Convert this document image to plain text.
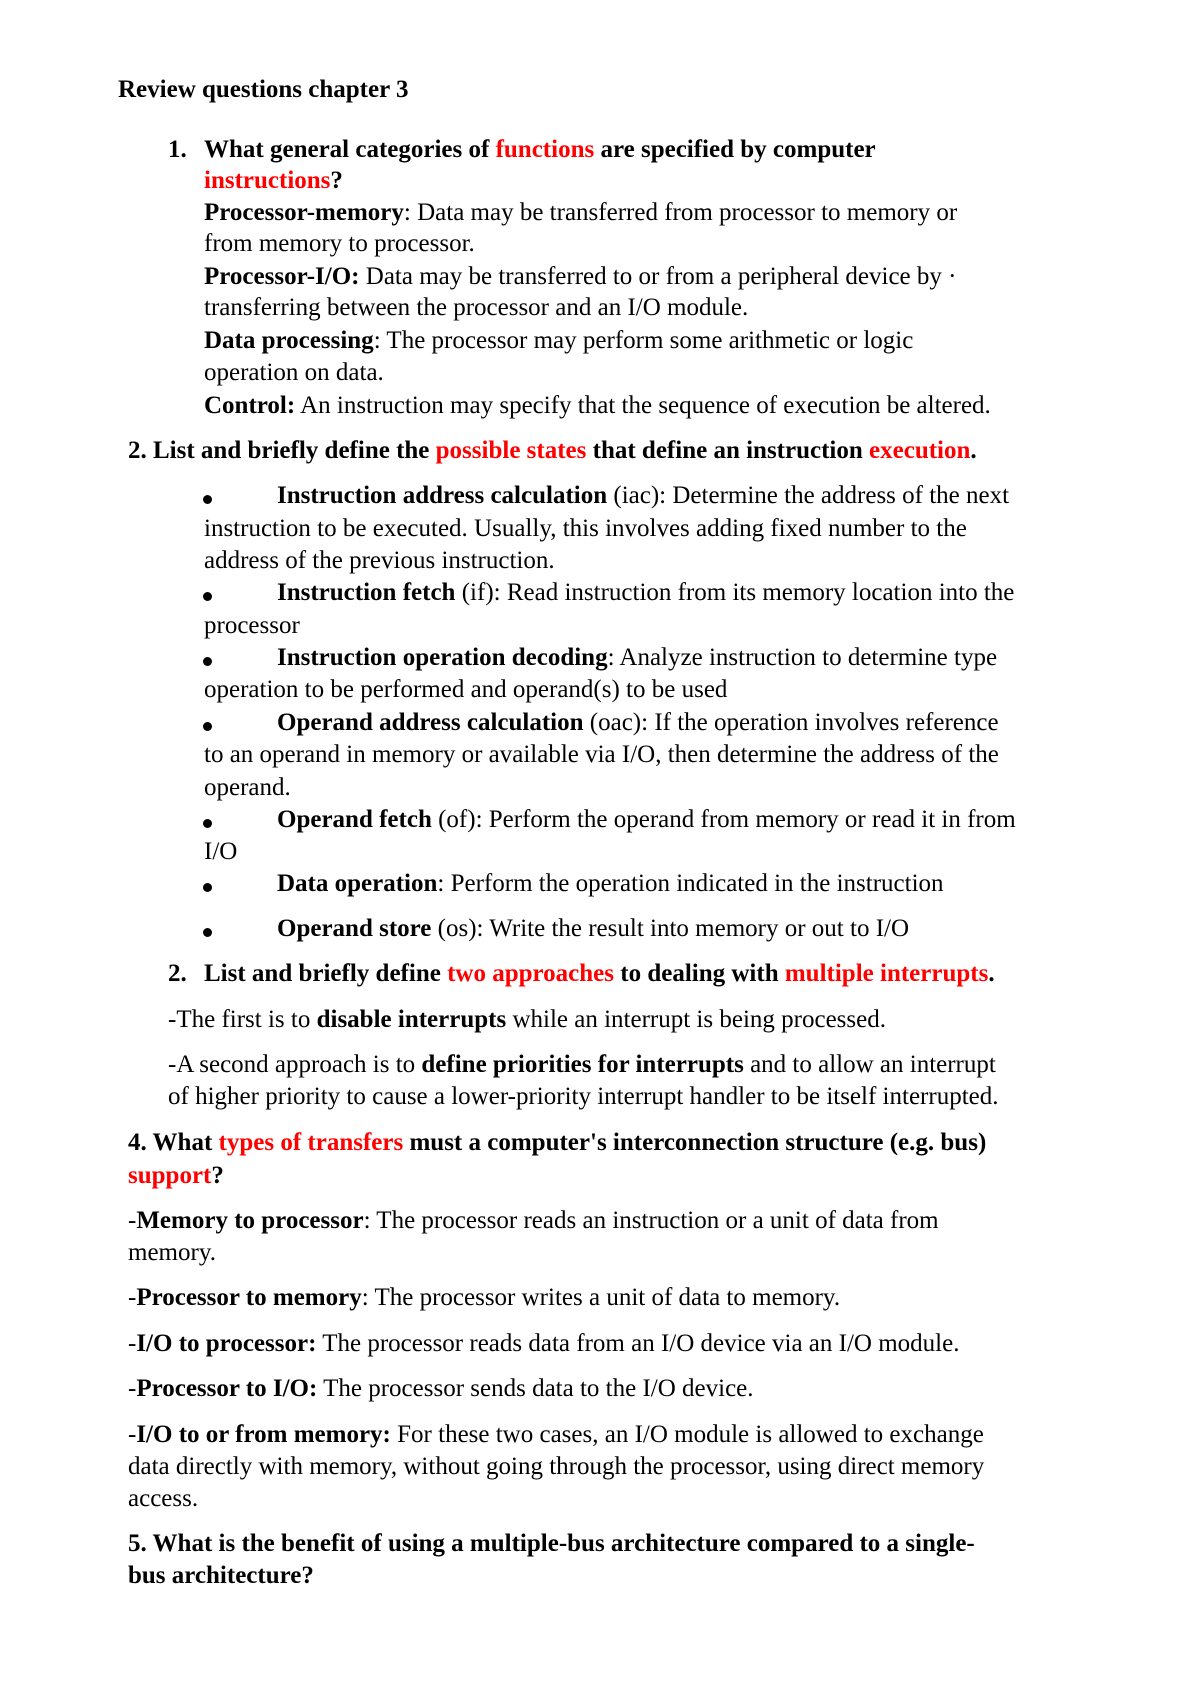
Review questions chapter 3
1. What general categories of functions are specified by computer
instructions?
Processor-memory: Data may be transferred from processor to memory or
from memory to processor.
Processor-I/O: Data may be transferred to or from a peripheral device by ·
transferring between the processor and an I/O module.
Data processing: The processor may perform some arithmetic or logic
operation on data.
Control: An instruction may specify that the sequence of execution be altered.
2. List and briefly define the possible states that define an instruction execution.
Instruction address calculation (iac): Determine the address of the next
instruction to be executed. Usually, this involves adding fixed number to the
address of the previous instruction.
Instruction fetch (if): Read instruction from its memory location into the
processor
Instruction operation decoding: Analyze instruction to determine type
operation to be performed and operand(s) to be used
Operand address calculation (oac): If the operation involves reference
to an operand in memory or available via I/O, then determine the address of the
operand.
Operand fetch (of): Perform the operand from memory or read it in from
I/O
Data operation: Perform the operation indicated in the instruction
Operand store (os): Write the result into memory or out to I/O
2. List and briefly define two approaches to dealing with multiple interrupts.
-The first is to disable interrupts while an interrupt is being processed.
-A second approach is to define priorities for interrupts and to allow an interrupt
of higher priority to cause a lower-priority interrupt handler to be itself interrupted.
4. What types of transfers must a computer's interconnection structure (e.g. bus)
support?
-Memory to processor: The processor reads an instruction or a unit of data from
memory.
-Processor to memory: The processor writes a unit of data to memory.
-I/O to processor: The processor reads data from an I/O device via an I/O module.
-Processor to I/O: The processor sends data to the I/O device.
-I/O to or from memory: For these two cases, an I/O module is allowed to exchange
data directly with memory, without going through the processor, using direct memory
access.
5. What is the benefit of using a multiple-bus architecture compared to a single-
bus architecture?
